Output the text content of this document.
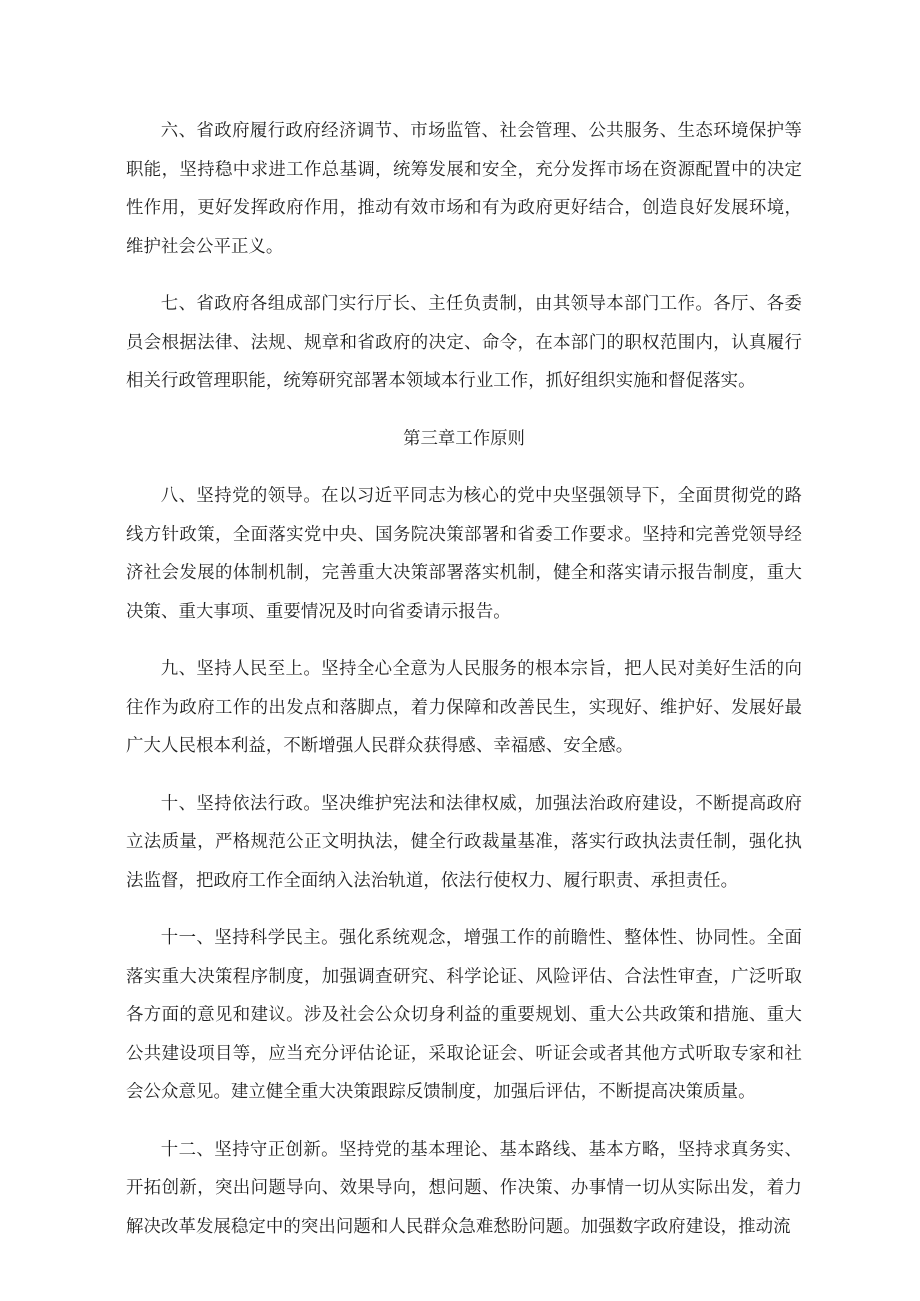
六、省政府履行政府经济调节、市场监管、社会管理、公共服务、生态环境保护等职能，坚持稳中求进工作总基调，统筹发展和安全，充分发挥市场在资源配置中的决定性作用，更好发挥政府作用，推动有效市场和有为政府更好结合，创造良好发展环境，维护社会公平正义。

七、省政府各组成部门实行厅长、主任负责制，由其领导本部门工作。各厅、各委员会根据法律、法规、规章和省政府的决定、命令，在本部门的职权范围内，认真履行相关行政管理职能，统筹研究部署本领域本行业工作，抓好组织实施和督促落实。

第三章工作原则

八、坚持党的领导。在以习近平同志为核心的党中央坚强领导下，全面贯彻党的路线方针政策，全面落实党中央、国务院决策部署和省委工作要求。坚持和完善党领导经济社会发展的体制机制，完善重大决策部署落实机制，健全和落实请示报告制度，重大决策、重大事项、重要情况及时向省委请示报告。

九、坚持人民至上。坚持全心全意为人民服务的根本宗旨，把人民对美好生活的向往作为政府工作的出发点和落脚点，着力保障和改善民生，实现好、维护好、发展好最广大人民根本利益，不断增强人民群众获得感、幸福感、安全感。

十、坚持依法行政。坚决维护宪法和法律权威，加强法治政府建设，不断提高政府立法质量，严格规范公正文明执法，健全行政裁量基准，落实行政执法责任制，强化执法监督，把政府工作全面纳入法治轨道，依法行使权力、履行职责、承担责任。

十一、坚持科学民主。强化系统观念，增强工作的前瞻性、整体性、协同性。全面落实重大决策程序制度，加强调查研究、科学论证、风险评估、合法性审查，广泛听取各方面的意见和建议。涉及社会公众切身利益的重要规划、重大公共政策和措施、重大公共建设项目等，应当充分评估论证，采取论证会、听证会或者其他方式听取专家和社会公众意见。建立健全重大决策跟踪反馈制度，加强后评估，不断提高决策质量。

十二、坚持守正创新。坚持党的基本理论、基本路线、基本方略，坚持求真务实、开拓创新，突出问题导向、效果导向，想问题、作决策、办事情一切从实际出发，着力解决改革发展稳定中的突出问题和人民群众急难愁盼问题。加强数字政府建设，推动流
